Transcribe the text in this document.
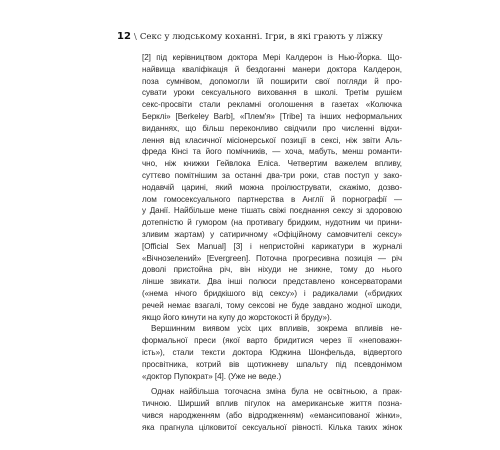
12 \ Секс у людському коханні. Ігри, в які грають у ліжку
[2] під керівництвом доктора Мері Калдерон із Нью-Йорка. Що-
найвища кваліфікація й бездоганні манери доктора Калдерон,
поза сумнівом, допомогли їй поширити свої погляди й про-
сувати уроки сексуального виховання в школі. Третім рушієм
секс-просвіти стали рекламні оголошення в газетах «Колючка
Берклі» [Berkeley Barb], «Плем'я» [Tribe] та інших неформальних
виданнях, що більш переконливо свідчили про численні відхи-
лення від класичної місіонерської позиції в сексі, ніж звіти Аль-
фреда Кінсі та його помічників, — хоча, мабуть, менш романти-
чно, ніж книжки Гейвлока Еліса. Четвертим важелем впливу,
суттєво помітнішим за останні два-три роки, став поступ у зако-
нодавчій царині, який можна проілюструвати, скажімо, дозво-
лом гомосексуального партнерства в Англії й порнографії —
у Данії. Найбільше мене тішать свіжі поєднання сексу зі здоровою
дотепністю й гумором (на противагу бридким, нудотним чи прини-
зливим жартам) у сатиричному «Офіційному самовчителі сексу»
[Official Sex Manual] [3] і непристойні карикатури в журналі
«Вічнозелений» [Evergreen]. Поточна прогресивна позиція — річ
доволі пристойна річ, він ніхуди не зникне, тому до нього
лінше звикати. Два інші полюси представлено консерваторами
(«нема нічого бридкішого від сексу») і радикалами («бридких
речей немає взагалі, тому сексові не буде завдано жодної шкоди,
якщо його кинути на купу до жорстокості й бруду»).
Вершинним виявом усіх цих впливів, зокрема впливів не-
формальної преси (якої варто бридитися через її «неповажн-
ість»), стали тексти доктора Юджина Шонфельда, відвертого
просвітника, котрий вів щотижневу шпальту під псевдонімом
«доктор Пупократ» [4]. (Уже не веде.)
Однак найбільша тогочасна зміна була не освітньою, а прак-
тичною. Ширший вплив пігулок на американське життя позна-
чився народженням (або відродженням) «емансипованої жінки»,
яка прагнула цілковитої сексуальної рівності. Кілька таких жінок
